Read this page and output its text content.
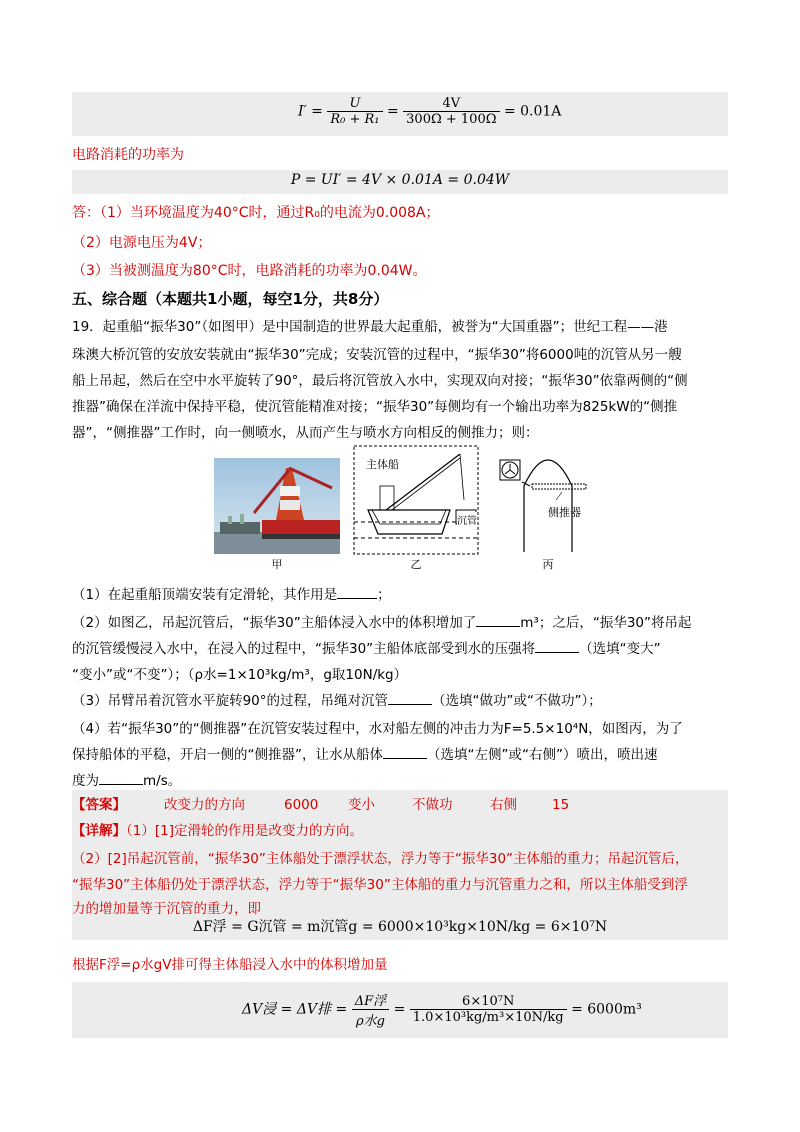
$I' = \frac{U}{\text{R₀ + R₁}} = \frac{4V}{300\Omega + 100\Omega} = 0.01A$
电路消耗的功率为
P = UI′ = 4V × 0.01A = 0.04W
答：（1）当环境温度为40°C时，通过R₀的电流为0.008A；
（2）电源电压为4V；
（3）当被测温度为80°C时，电路消耗的功率为0.04W。
五、综合题（本题共1小题，每空1分，共8分）
19．起重船“振华30”（如图甲）是中国制造的世界最大起重船，被誉为“大国重器”；世纪工程——港
珠澳大桥沉管的安放安装就由“振华30”完成；安装沉管的过程中，“振华30”将6000吨的沉管从另一艘
船上吊起，然后在空中水平旋转了90°，最后将沉管放入水中，实现双向对接；“振华30”依靠两侧的“侧
推器”确保在洋流中保持平稳，使沉管能精准对接；“振华30”每侧均有一个输出功率为825kW的“侧推
器”，“侧推器”工作时，向一侧喷水，从而产生与喷水方向相反的侧推力；则：
甲
主体船
沉管
乙
侧推器
丙
（1）在起重船顶端安装有定滑轮，其作用是	；
（2）如图乙，吊起沉管后，“振华30”主船体浸入水中的体积增加了	m³；之后，“振华30”将吊起
的沉管缓慢浸入水中，在浸入的过程中，“振华30”主船体底部受到水的压强将	（选填“变大”
“变小”或“不变”）；（ρ水=1×10³kg/m³，g取10N/kg）
（3）吊臂吊着沉管水平旋转90°的过程，吊绳对沉管	（选填“做功”或“不做功”）；
（4）若“振华30”的“侧推器”在沉管安装过程中，水对船左侧的冲击力为F=5.5×10⁴N，如图丙，为了
保持船体的平稳，开启一侧的“侧推器”，让水从船体	（选填“左侧”或“右侧”）喷出，喷出速
度为	m/s。
【答案】	改变力的方向	6000 变小	不做功	右侧	15
【详解】（1）[1]定滑轮的作用是改变力的方向。
（2）[2]吊起沉管前，“振华30”主体船处于漂浮状态，浮力等于“振华30”主体船的重力；吊起沉管后，
“振华30”主体船仍处于漂浮状态，浮力等于“振华30”主体船的重力与沉管重力之和，所以主体船受到浮
力的增加量等于沉管的重力，即
ΔF浮 = G沉管 = m沉管g = 6000×10³kg×10N/kg = 6×10⁷N
根据F浮=ρ水gV排可得主体船浸入水中的体积增加量
ΔV浸 = ΔV排 = $\frac{\text{ΔF浮}}{\text{ρ水g}} = \frac{\text{6×10⁷N}}{\text{1.0×10³kg/m³×10N/kg}} = 6000m^3$
